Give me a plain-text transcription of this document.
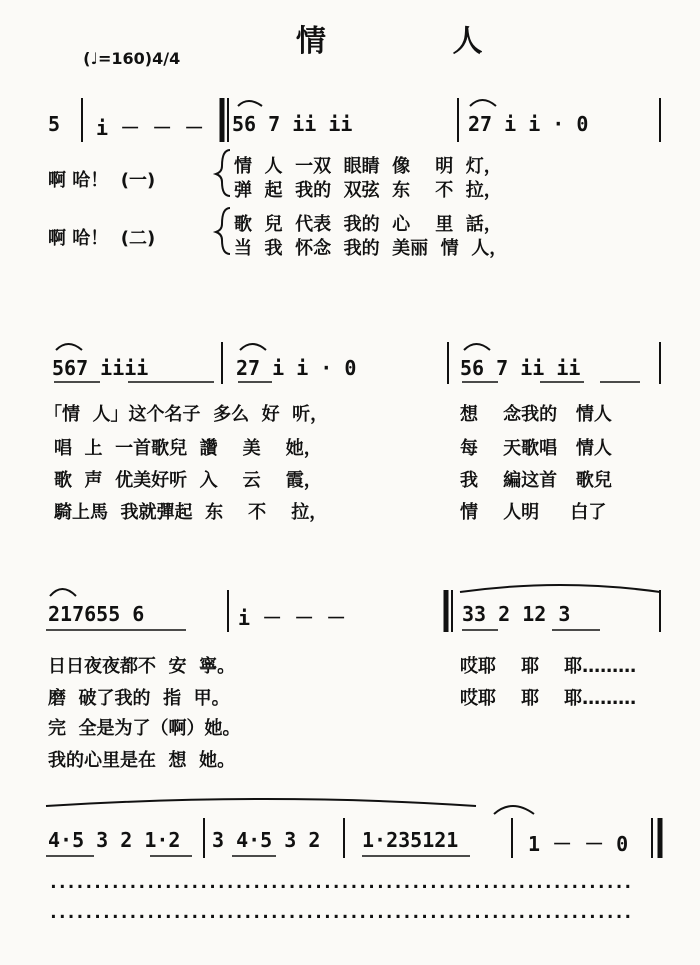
(♩=160)4/4	情 人
5 i － － － 56 7 ii ii	27 i i · 0
啊 哈！  (一)
情  人  一双  眼睛  像    明  灯，
弹  起  我的  双弦  东    不  拉，
啊 哈！  (二)
歌  兒  代表  我的  心    里  話，
当  我  怀念  我的  美丽  情  人，
567 iiii	27 i i · 0	56 7 ii ii
「情  人」这个名子  多么  好  听，
唱  上  一首歌兒  讚    美    她，
歌  声  优美好听  入    云    霞，
騎上馬  我就彈起  东    不    拉，
想    念我的   情人
每    天歌唱   情人
我    編这首   歌兒
情    人明     白了
217655 6	i － － －	33 2 12 3
日日夜夜都不  安  寧。
磨  破了我的  指  甲。
完  全是为了（啊）她。
我的心里是在  想  她。
哎耶    耶    耶………
哎耶    耶    耶………
4·5 3 2 1·2 3 4·5 3 2 1·235121	1 － － 0
..................................................................
..................................................................
